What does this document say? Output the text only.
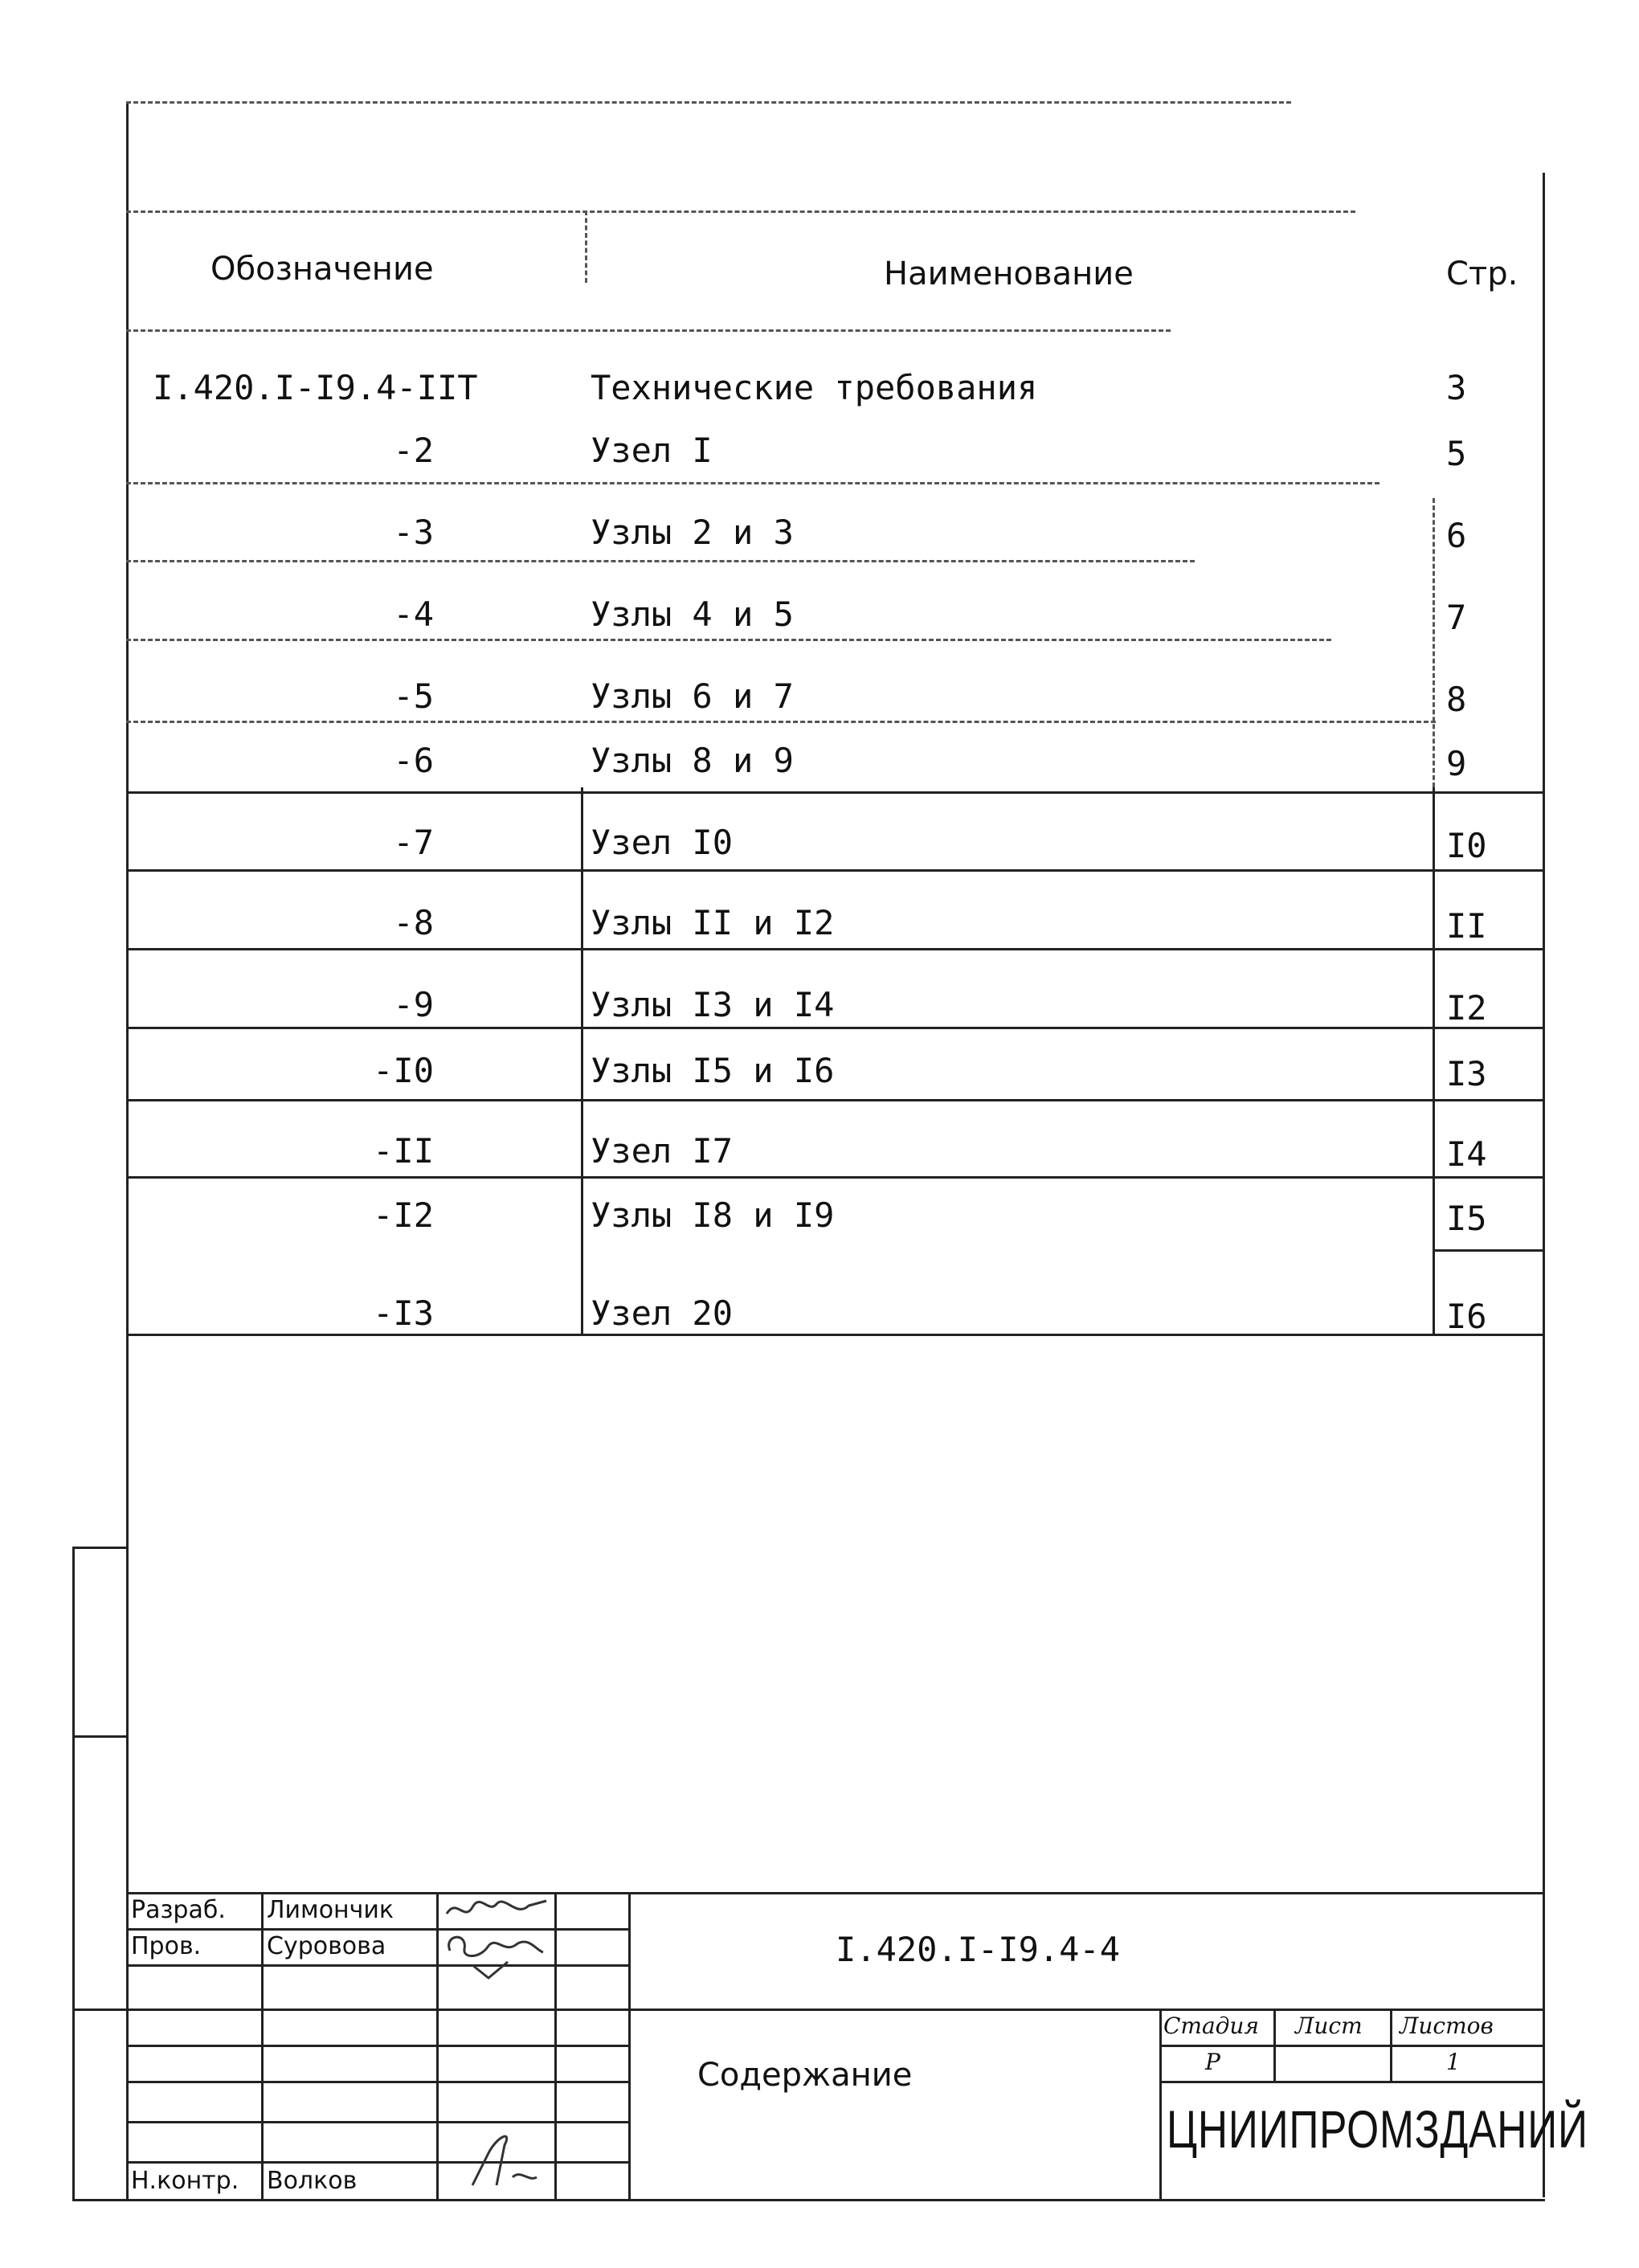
Обозначение	Наименование	Стр.
I.420.I-I9.4-IIT	Технические требования	3
-2	Узел I	5
-3	Узлы 2 и 3	6
-4	Узлы 4 и 5	7
-5	Узлы 6 и 7	8
-6	Узлы 8 и 9	9
-7	Узел I0	I0
-8	Узлы II и I2	II
-9	Узлы I3 и I4	I2
-I0	Узлы I5 и I6	I3
-II	Узел I7	I4
-I2	Узлы I8 и I9	I5
-I3	Узел 20	I6
Разраб. Лимончик
Пров.	Суровова
Н.контр. Волков
I.420.I-I9.4-4
Содержание
Стадия Лист Листов
Р	1
ЦНИИПРОМЗДАНИЙ
